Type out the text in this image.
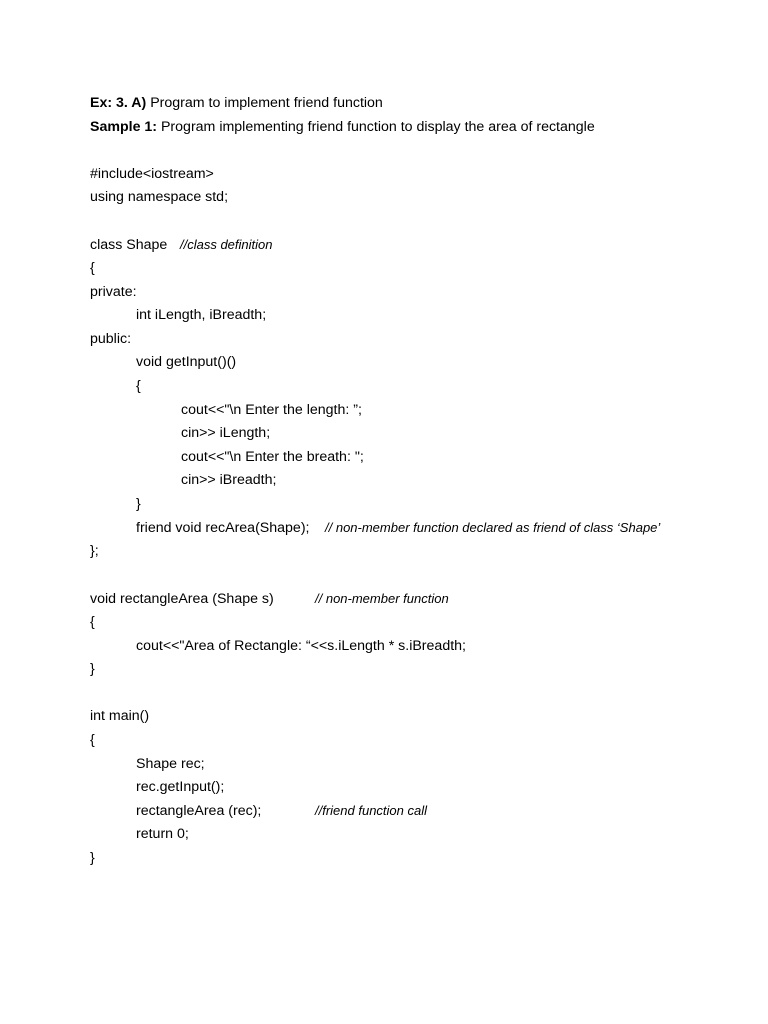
Ex: 3. A) Program to implement friend function
Sample 1: Program implementing friend function to display the area of rectangle
#include<iostream>
using namespace std;
class Shape //class definition
{
private:
int iLength, iBreadth;
public:
void getInput()()
{
cout<<"\n Enter the length: ”;
cin>> iLength;
cout<<"\n Enter the breath: ";
cin>> iBreadth;
}
friend void recArea(Shape); // non-member function declared as friend of class ‘Shape’
};
void rectangleArea (Shape s)	// non-member function
{
cout<<"Area of Rectangle: “<<s.iLength * s.iBreadth;
}
int main()
{
Shape rec;
rec.getInput();
rectangleArea (rec);	//friend function call
return 0;
}
